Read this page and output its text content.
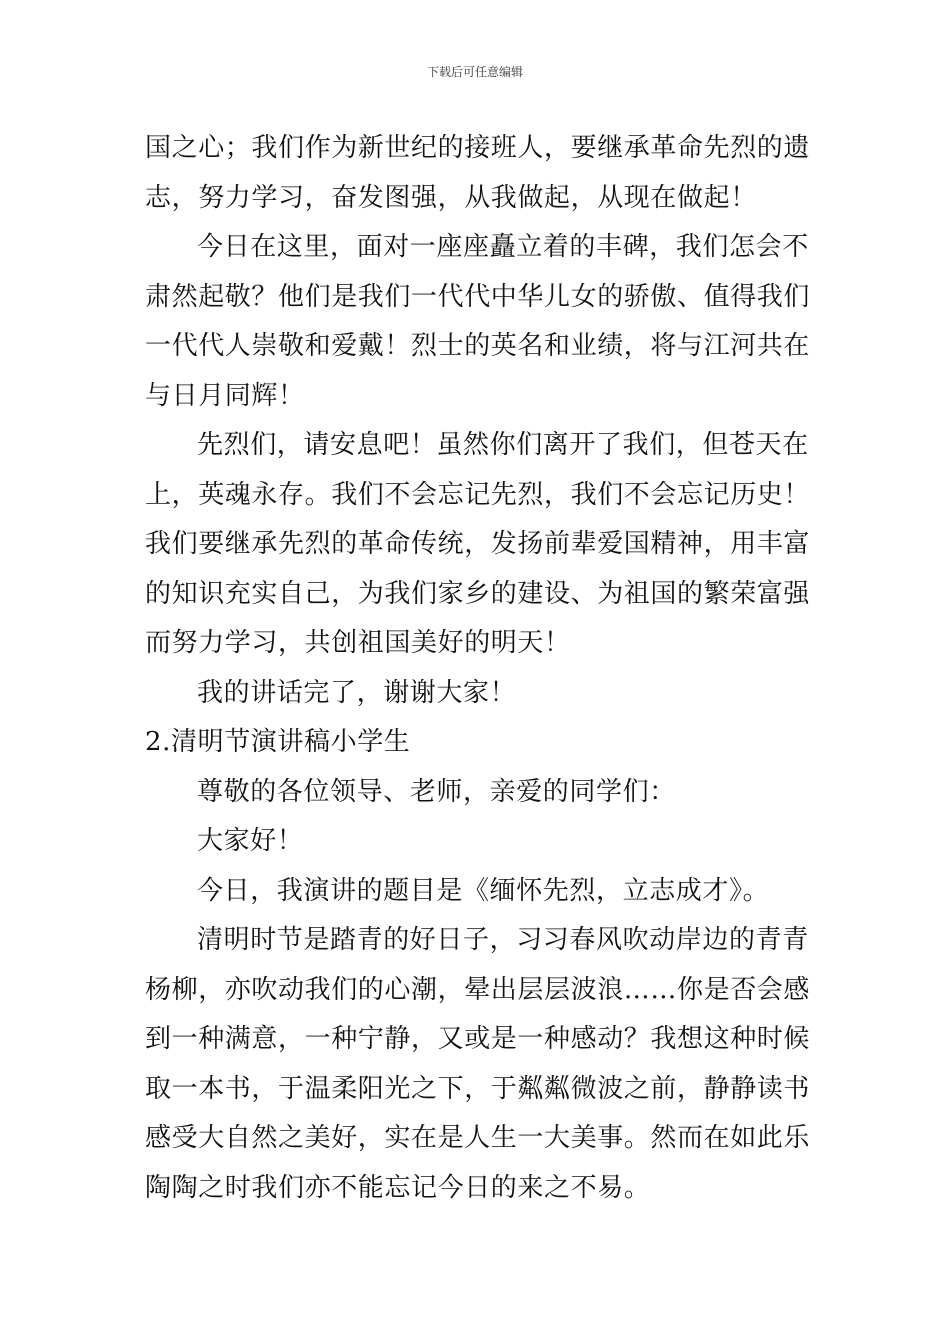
下载后可任意编辑
国之心；我们作为新世纪的接班人，要继承革命先烈的遗
志，努力学习，奋发图强，从我做起，从现在做起！
今日在这里，面对一座座矗立着的丰碑，我们怎会不
肃然起敬？他们是我们一代代中华儿女的骄傲、值得我们
一代代人崇敬和爱戴！烈士的英名和业绩，将与江河共在
与日月同辉！
先烈们，请安息吧！虽然你们离开了我们，但苍天在
上，英魂永存。我们不会忘记先烈，我们不会忘记历史！
我们要继承先烈的革命传统，发扬前辈爱国精神，用丰富
的知识充实自己，为我们家乡的建设、为祖国的繁荣富强
而努力学习，共创祖国美好的明天！
我的讲话完了，谢谢大家！
2.清明节演讲稿小学生
尊敬的各位领导、老师，亲爱的同学们：
大家好！
今日，我演讲的题目是《缅怀先烈，立志成才》。
清明时节是踏青的好日子，习习春风吹动岸边的青青
杨柳，亦吹动我们的心潮，晕出层层波浪……你是否会感
到一种满意，一种宁静，又或是一种感动？我想这种时候
取一本书，于温柔阳光之下，于粼粼微波之前，静静读书
感受大自然之美好，实在是人生一大美事。然而在如此乐
陶陶之时我们亦不能忘记今日的来之不易。
